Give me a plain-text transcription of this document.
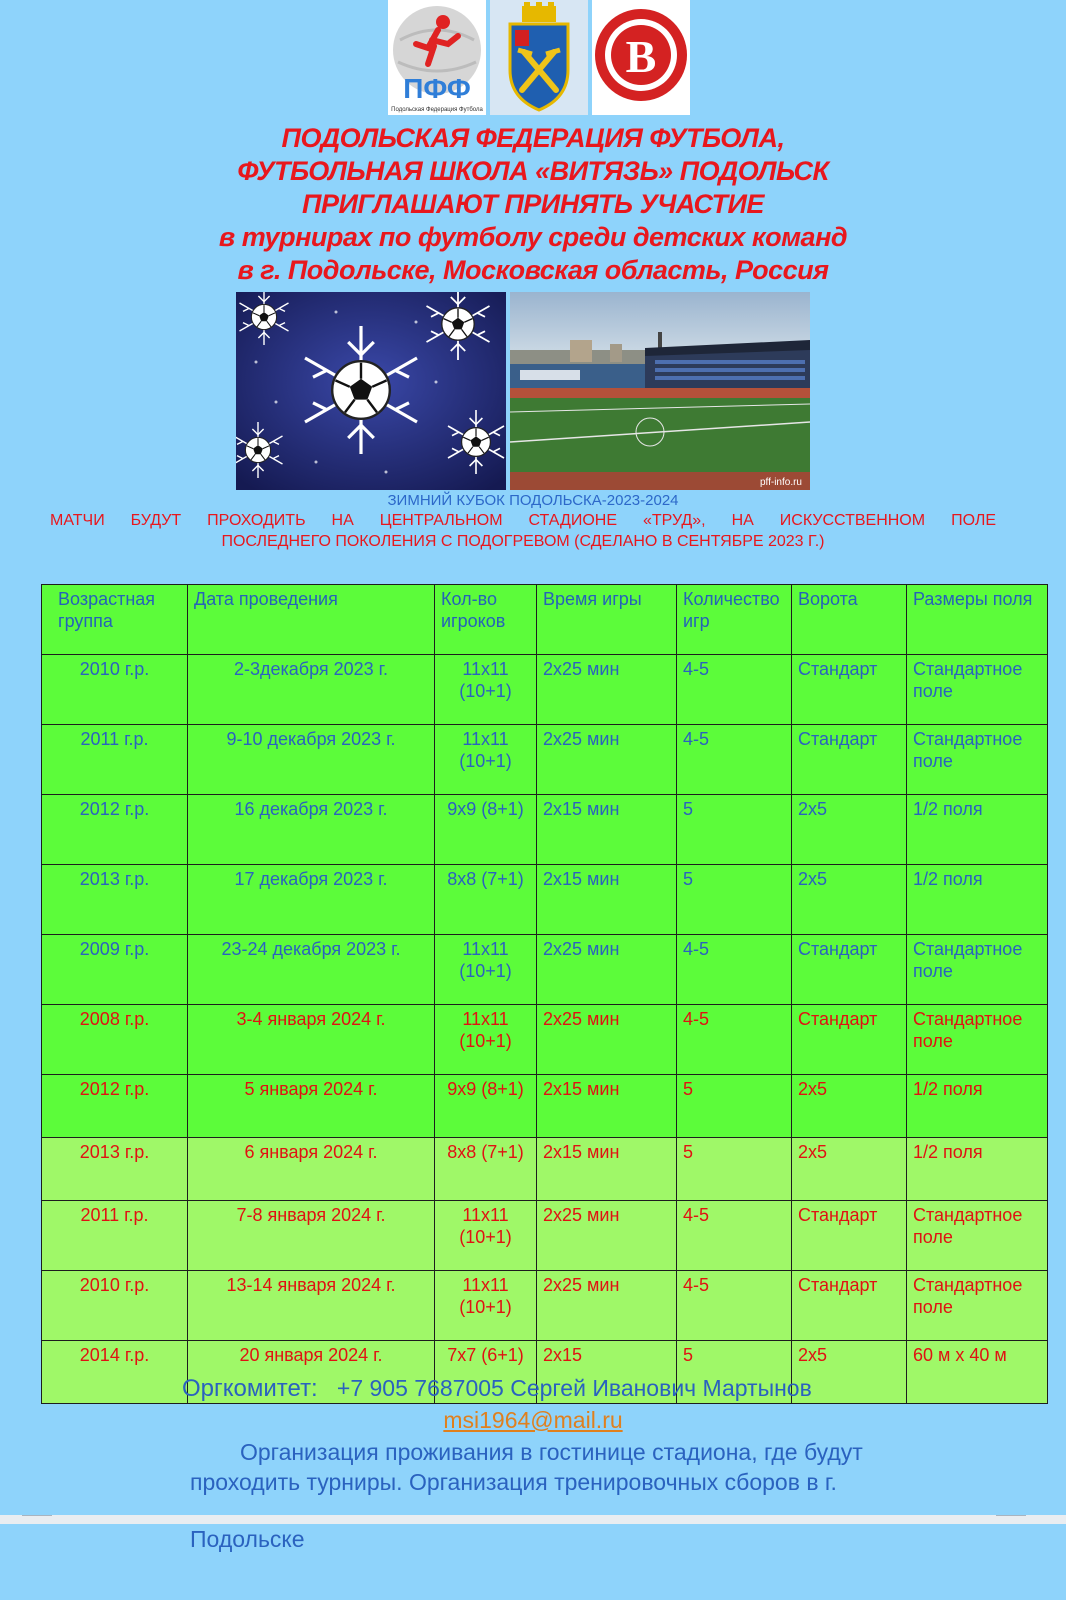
ПФФ
Подольская Федерация Футбола
В
ПОДОЛЬСКАЯ ФЕДЕРАЦИЯ ФУТБОЛА,
ФУТБОЛЬНАЯ ШКОЛА «ВИТЯЗЬ» ПОДОЛЬСК
ПРИГЛАШАЮТ ПРИНЯТЬ УЧАСТИЕ
в турнирах по футболу среди детских команд
в г. Подольске, Московская область, Россия
pff-info.ru
ЗИМНИЙ КУБОК ПОДОЛЬСКА-2023-2024
МАТЧИ БУДУТ ПРОХОДИТЬ НА ЦЕНТРАЛЬНОМ СТАДИОНЕ «ТРУД», НА ИСКУССТВЕННОМ ПОЛЕ
ПОСЛЕДНЕГО ПОКОЛЕНИЯ С ПОДОГРЕВОМ (СДЕЛАНО В СЕНТЯБРЕ 2023 Г.)
Возрастная группа	Дата проведения	Кол-во игроков	Время игры	Количество игр	Ворота	Размеры поля
2010 г.р.	2-3декабря 2023 г.	11х11 (10+1)	2х25 мин	4-5	Стандарт	Стандартное поле
2011 г.р.	9-10 декабря 2023 г.	11х11 (10+1)	2х25 мин	4-5	Стандарт	Стандартное поле
2012 г.р.	16 декабря 2023 г.	9х9 (8+1)	2х15 мин	5	2х5	1/2 поля
2013 г.р.	17 декабря 2023 г.	8х8 (7+1)	2х15 мин	5	2х5	1/2 поля
2009 г.р.	23-24 декабря 2023 г.	11х11 (10+1)	2х25 мин	4-5	Стандарт	Стандартное поле
2008 г.р.	3-4 января 2024 г.	11х11 (10+1)	2х25 мин	4-5	Стандарт	Стандартное поле
2012 г.р.	5 января 2024 г.	9х9 (8+1)	2х15 мин	5	2х5	1/2 поля
2013 г.р.	6 января 2024 г.	8х8 (7+1)	2х15 мин	5	2х5	1/2 поля
2011 г.р.	7-8 января 2024 г.	11х11 (10+1)	2х25 мин	4-5	Стандарт	Стандартное поле
2010 г.р.	13-14 января 2024 г.	11х11 (10+1)	2х25 мин	4-5	Стандарт	Стандартное поле
2014 г.р.	20 января 2024 г.	7х7 (6+1)	2х15	5	2х5	60 м х 40 м
Оргкомитет: +7 905 7687005 Сергей Иванович Мартынов
msi1964@mail.ru
Организация проживания в гостинице стадиона, где будут проходить турниры. Организация тренировочных сборов в г.
Подольске
